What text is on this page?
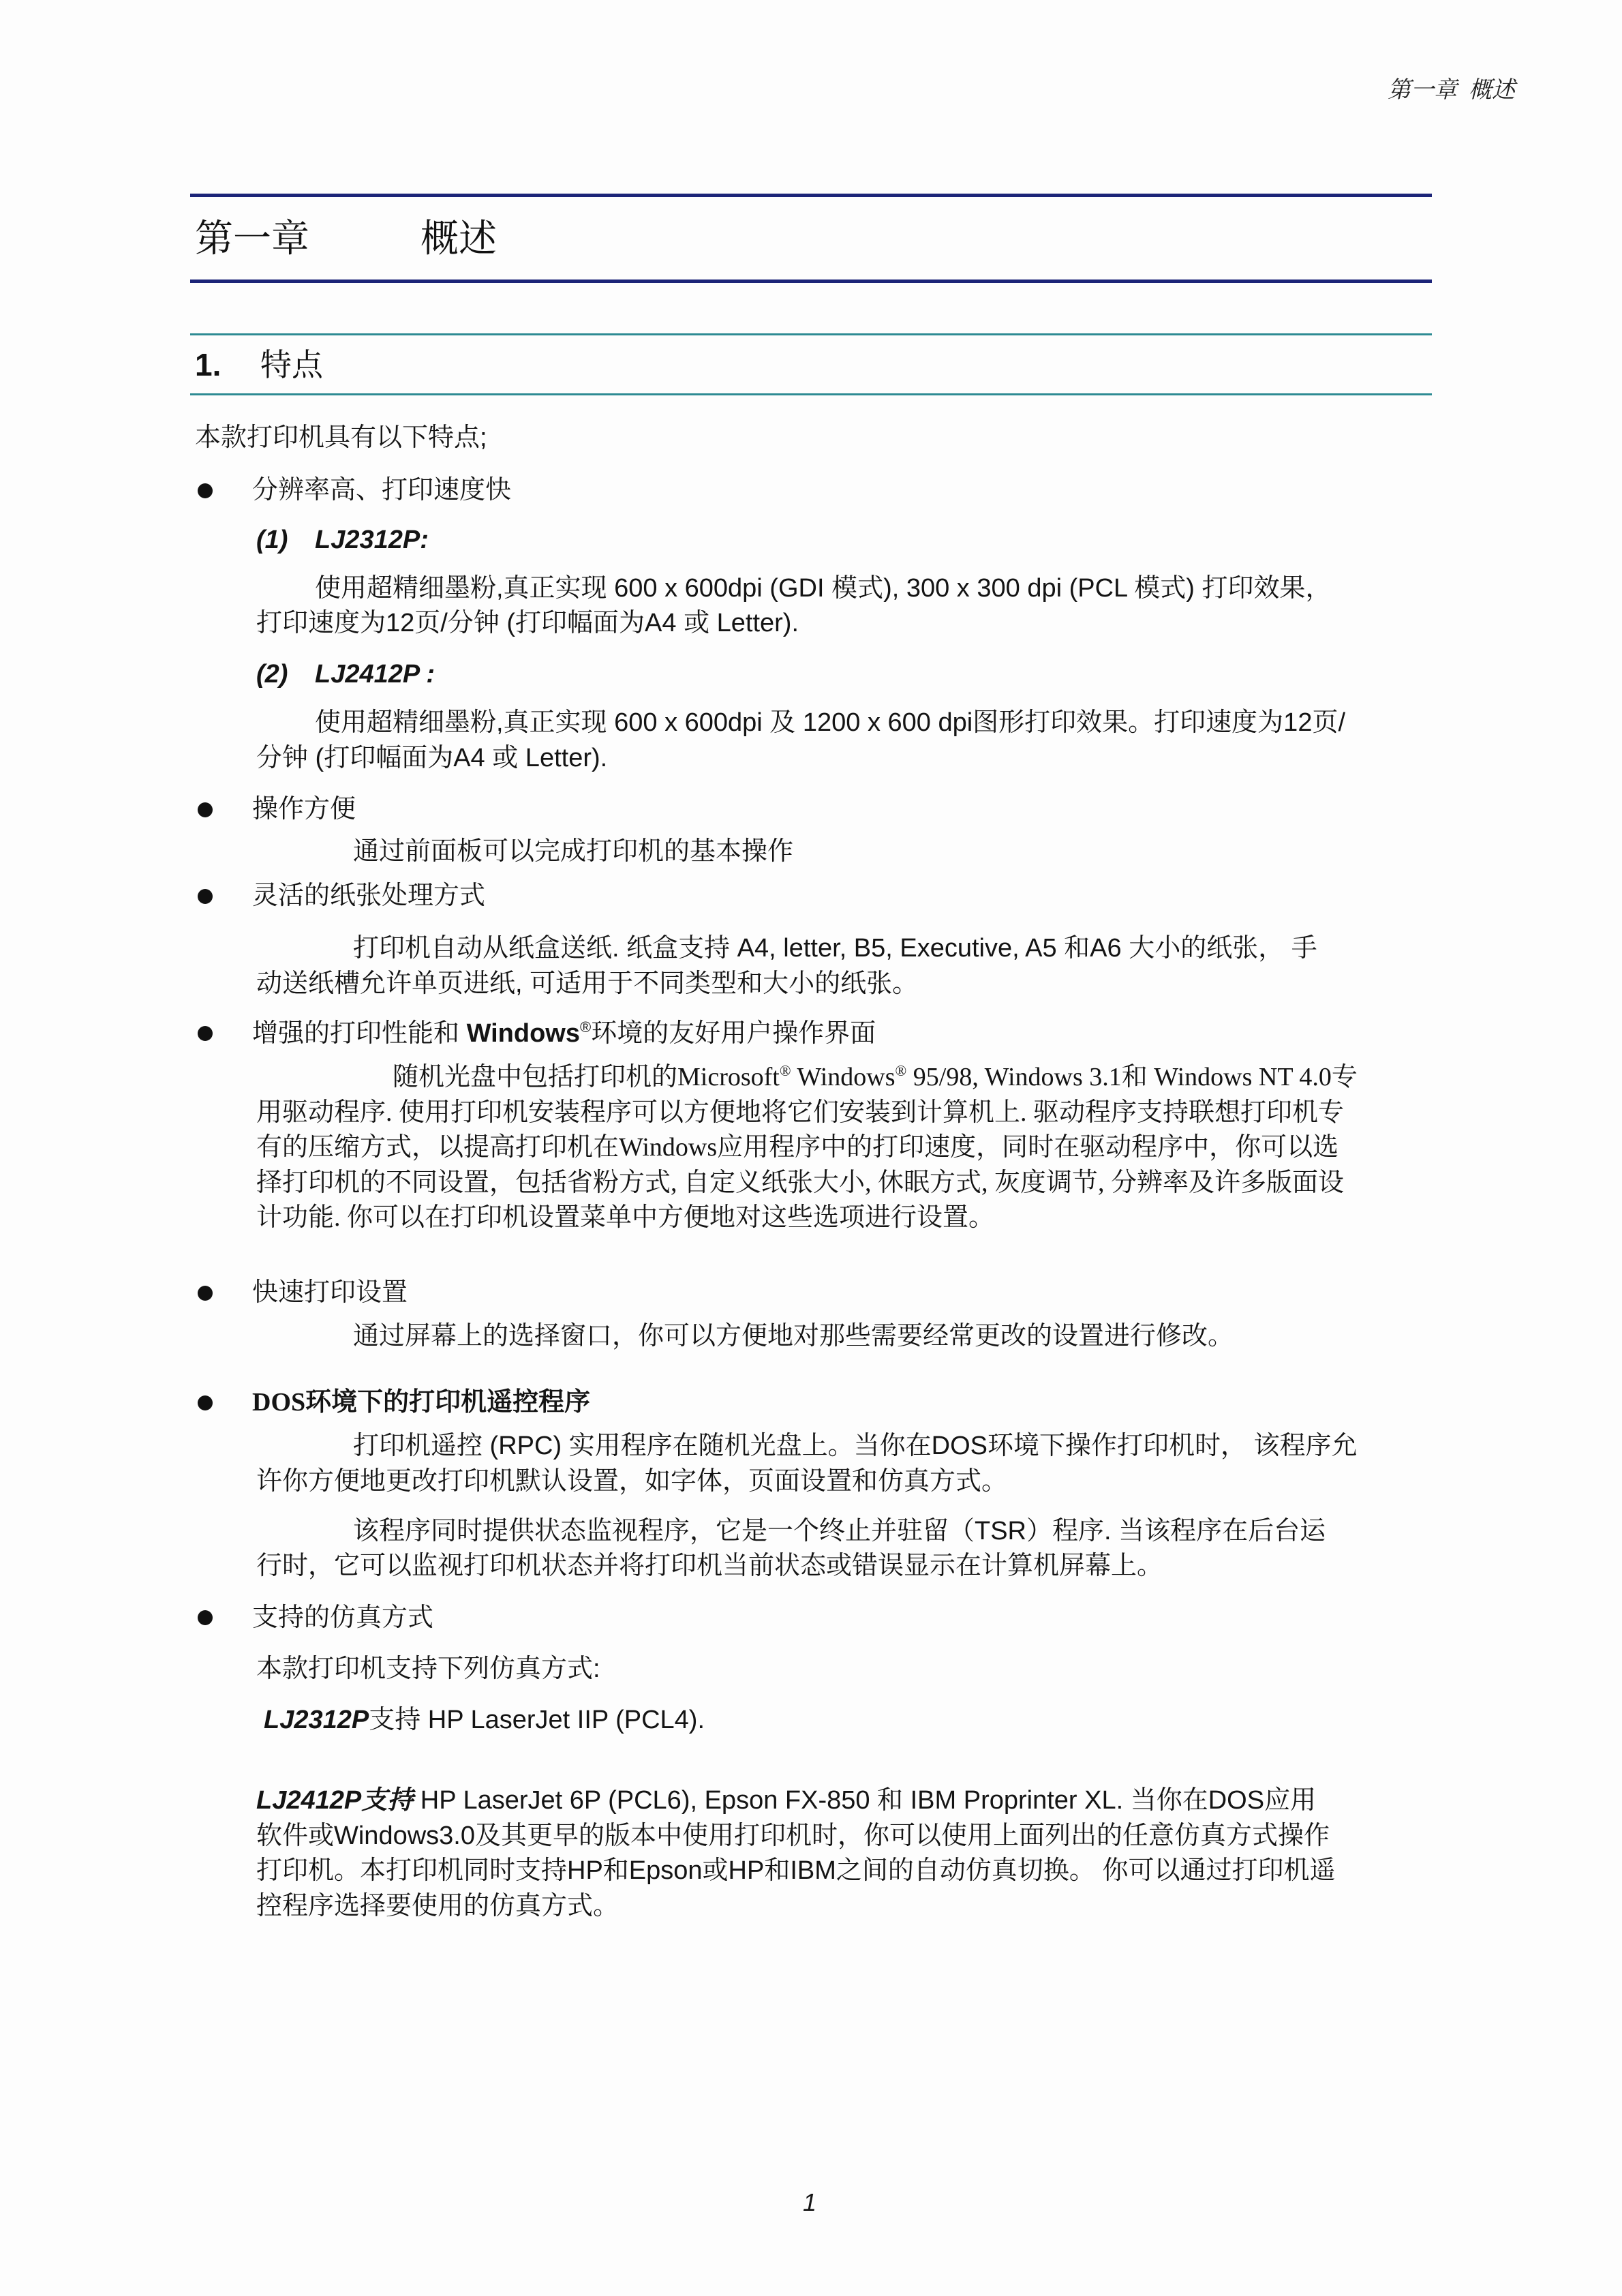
第一章  概述
第一章	概述
1. 特点
本款打印机具有以下特点;
分辨率高、打印速度快
(1) LJ2312P:
使用超精细墨粉,真正实现 600 x 600dpi (GDI 模式), 300 x 300 dpi (PCL 模式) 打印效果，
打印速度为12页/分钟 (打印幅面为A4 或 Letter).
(2) LJ2412P :
使用超精细墨粉,真正实现 600 x 600dpi 及 1200 x 600 dpi图形打印效果。打印速度为12页/
分钟 (打印幅面为A4 或 Letter).
操作方便
通过前面板可以完成打印机的基本操作
灵活的纸张处理方式
打印机自动从纸盒送纸. 纸盒支持 A4, letter, B5, Executive, A5 和A6 大小的纸张， 手
动送纸槽允许单页进纸, 可适用于不同类型和大小的纸张。
增强的打印性能和 Windows®环境的友好用户操作界面
随机光盘中包括打印机的Microsoft® Windows® 95/98, Windows 3.1和 Windows NT 4.0专
用驱动程序. 使用打印机安装程序可以方便地将它们安装到计算机上. 驱动程序支持联想打印机专
有的压缩方式，以提高打印机在Windows应用程序中的打印速度，同时在驱动程序中，你可以选
择打印机的不同设置，包括省粉方式, 自定义纸张大小, 休眠方式, 灰度调节, 分辨率及许多版面设
计功能. 你可以在打印机设置菜单中方便地对这些选项进行设置。
快速打印设置
通过屏幕上的选择窗口，你可以方便地对那些需要经常更改的设置进行修改。
DOS环境下的打印机遥控程序
打印机遥控 (RPC) 实用程序在随机光盘上。当你在DOS环境下操作打印机时， 该程序允
许你方便地更改打印机默认设置，如字体，页面设置和仿真方式。
该程序同时提供状态监视程序，它是一个终止并驻留（TSR）程序. 当该程序在后台运
行时，它可以监视打印机状态并将打印机当前状态或错误显示在计算机屏幕上。
支持的仿真方式
本款打印机支持下列仿真方式:
LJ2312P支持 HP LaserJet IIP (PCL4).
LJ2412P支持 HP LaserJet 6P (PCL6), Epson FX-850 和 IBM Proprinter XL. 当你在DOS应用
软件或Windows3.0及其更早的版本中使用打印机时，你可以使用上面列出的任意仿真方式操作
打印机。本打印机同时支持HP和Epson或HP和IBM之间的自动仿真切换。 你可以通过打印机遥
控程序选择要使用的仿真方式。
1
